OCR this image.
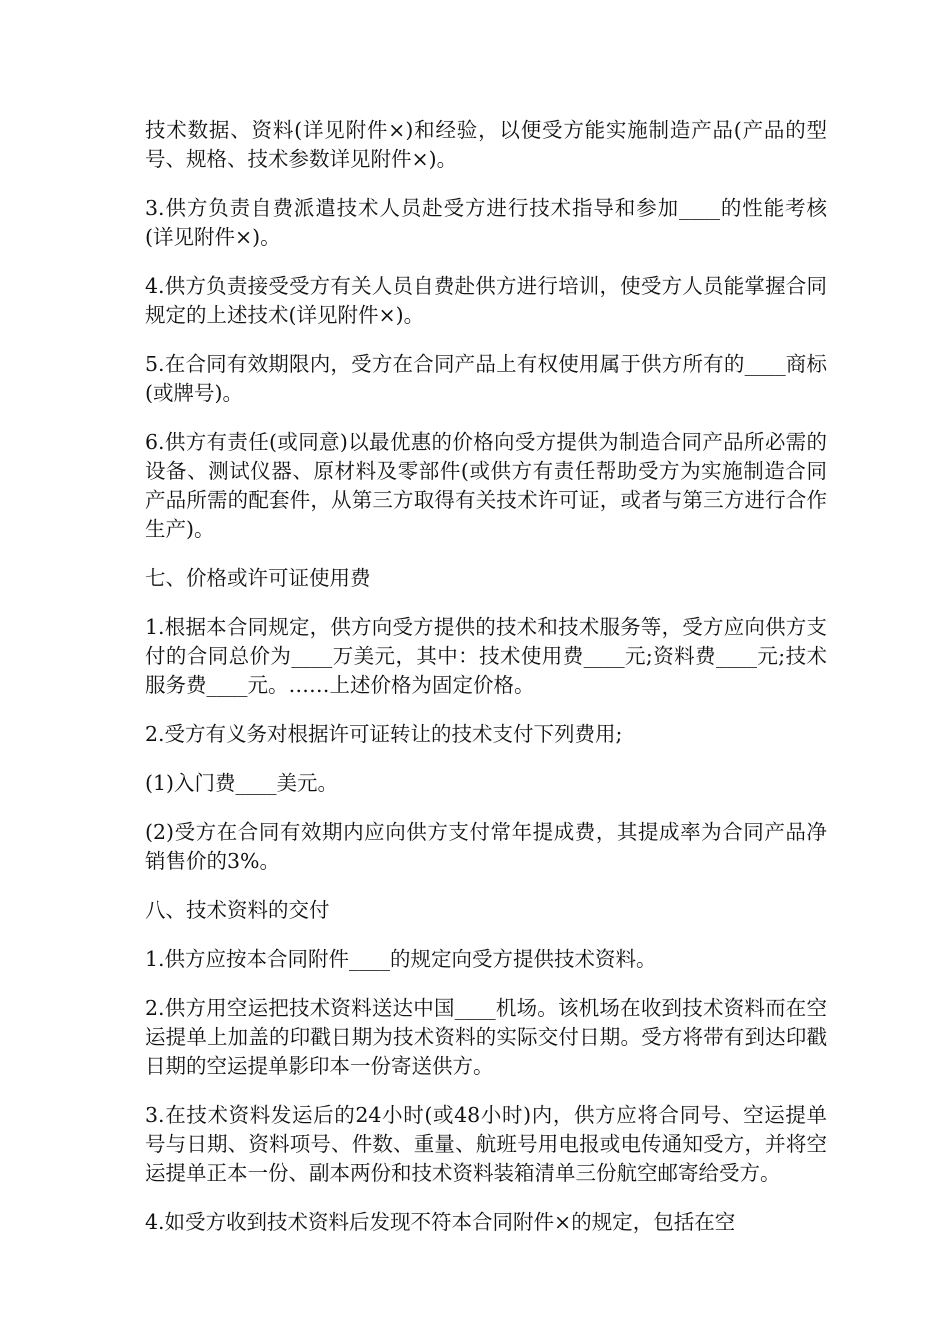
技术数据、资料(详见附件×)和经验，以便受方能实施制造产品(产品的型号、规格、技术参数详见附件×)。

3.供方负责自费派遣技术人员赴受方进行技术指导和参加____的性能考核(详见附件×)。

4.供方负责接受受方有关人员自费赴供方进行培训，使受方人员能掌握合同规定的上述技术(详见附件×)。

5.在合同有效期限内，受方在合同产品上有权使用属于供方所有的____商标(或牌号)。

6.供方有责任(或同意)以最优惠的价格向受方提供为制造合同产品所必需的设备、测试仪器、原材料及零部件(或供方有责任帮助受方为实施制造合同产品所需的配套件，从第三方取得有关技术许可证，或者与第三方进行合作生产)。

七、价格或许可证使用费

1.根据本合同规定，供方向受方提供的技术和技术服务等，受方应向供方支付的合同总价为____万美元，其中：技术使用费____元;资料费____元;技术服务费____元。……上述价格为固定价格。

2.受方有义务对根据许可证转让的技术支付下列费用;

(1)入门费____美元。

(2)受方在合同有效期内应向供方支付常年提成费，其提成率为合同产品净销售价的3%。

八、技术资料的交付

1.供方应按本合同附件____的规定向受方提供技术资料。

2.供方用空运把技术资料送达中国____机场。该机场在收到技术资料而在空运提单上加盖的印戳日期为技术资料的实际交付日期。受方将带有到达印戳日期的空运提单影印本一份寄送供方。

3.在技术资料发运后的24小时(或48小时)内，供方应将合同号、空运提单号与日期、资料项号、件数、重量、航班号用电报或电传通知受方，并将空运提单正本一份、副本两份和技术资料装箱清单三份航空邮寄给受方。

4.如受方收到技术资料后发现不符本合同附件×的规定，包括在空
